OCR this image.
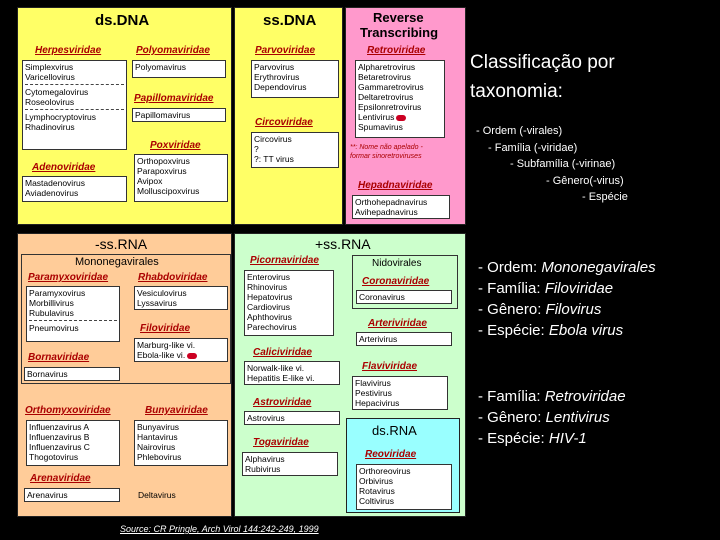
ds.DNA
Herpesviridae
Simplexvirus
Varicellovirus
Cytomegalovirus
Roseolovirus
Lymphocryptovirus
Rhadinovirus
Polyomaviridae
Polyomavirus
Papillomaviridae
Papillomavirus
Poxviridae
Orthopoxvirus
Parapoxvirus
Avipox
Molluscipoxvirus
Adenoviridae
Mastadenovirus
Aviadenovirus
ss.DNA
Parvoviridae
Parvovirus
Erythrovirus
Dependovirus
Circoviridae
Circovirus
?
?: TT virus
Reverse
Transcribing
Retroviridae
Alpharetrovirus
Betaretrovirus
Gammaretrovirus
Deltaretrovirus
Epsilonretrovirus
Lentivirus
Spumavirus
**: Nome não apelado -
formar sinoretroviruses
Hepadnaviridae
Orthohepadnavirus
Avihepadnavirus
-ss.RNA
Mononegavirales
Paramyxoviridae
Paramyxovirus
Morbillivirus
Rubulavirus
Pneumovirus
Rhabdoviridae
Vesiculovirus
Lyssavirus
Filoviridae
Marburg-like vi.
Ebola-like vi.
Bornaviridae
Bornavirus
Orthomyxoviridae
Influenzavirus A
Influenzavirus B
Influenzavirus C
Thogotovirus
Bunyaviridae
Bunyavirus
Hantavirus
Nairovirus
Phlebovirus
Arenaviridae
Arenavirus	Deltavirus
+ss.RNA
Picornaviridae
Enterovirus
Rhinovirus
Hepatovirus
Cardiovirus
Aphthovirus
Parechovirus
Nidovirales
Coronaviridae
Coronavirus
Arteriviridae
Arterivirus
Caliciviridae
Norwalk-like vi.
Hepatitis E-like vi.
Flaviviridae
Flavivirus
Pestivirus
Hepacivirus
Astroviridae
Astrovirus
Togaviridae
Alphavirus
Rubivirus
ds.RNA
Reoviridae
Orthoreovirus
Orbivirus
Rotavirus
Coltivirus
Source: CR Pringle, Arch Virol 144:242-249, 1999
Classificação por
taxonomia:
- Ordem (-virales)
- Família (-viridae)
- Subfamília (-virinae)
- Gênero(-virus)
- Espécie
- Ordem: Mononegavirales
- Família: Filoviridae
- Gênero: Filovirus
- Espécie: Ebola virus
- Família: Retroviridae
- Gênero: Lentivirus
- Espécie: HIV-1
